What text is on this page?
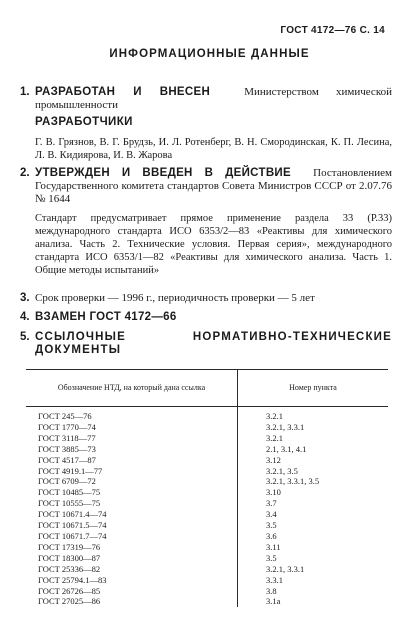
ГОСТ 4172—76 С. 14
ИНФОРМАЦИОННЫЕ ДАННЫЕ
1. РАЗРАБОТАН И ВНЕСЕН	Министерством химической промышленности
РАЗРАБОТЧИКИ
Г. В. Грязнов, В. Г. Брудзь, И. Л. Ротенберг, В. Н. Смородинская, К. П. Лесина, Л. В. Кидиярова, И. В. Жарова
2. УТВЕРЖДЕН И ВВЕДЕН В ДЕЙСТВИЕ Постановлением Государственного комитета стандартов Совета Министров СССР от 2.07.76 № 1644
Стандарт предусматривает прямое применение раздела 33 (Р.33) международного стандарта ИСО 6353/2—83 «Реактивы для химического анализа. Часть 2. Технические условия. Первая серия», международного стандарта ИСО 6353/1—82 «Реактивы для химического анализа. Часть 1. Общие методы испытаний»
3. Срок проверки — 1996 г., периодичность проверки — 5 лет
4. ВЗАМЕН ГОСТ 4172—66
5. ССЫЛОЧНЫЕ НОРМАТИВНО-ТЕХНИЧЕСКИЕ ДОКУМЕНТЫ
Обозначение НТД, на который дана ссылка	Номер пункта
ГОСТ 245—76	3.2.1
ГОСТ 1770—74	3.2.1, 3.3.1
ГОСТ 3118—77	3.2.1
ГОСТ 3885—73	2.1, 3.1, 4.1
ГОСТ 4517—87	3.12
ГОСТ 4919.1—77	3.2.1, 3.5
ГОСТ 6709—72	3.2.1, 3.3.1, 3.5
ГОСТ 10485—75	3.10
ГОСТ 10555—75	3.7
ГОСТ 10671.4—74	3.4
ГОСТ 10671.5—74	3.5
ГОСТ 10671.7—74	3.6
ГОСТ 17319—76	3.11
ГОСТ 18300—87	3.5
ГОСТ 25336—82	3.2.1, 3.3.1
ГОСТ 25794.1—83	3.3.1
ГОСТ 26726—85	3.8
ГОСТ 27025—86	3.1а
